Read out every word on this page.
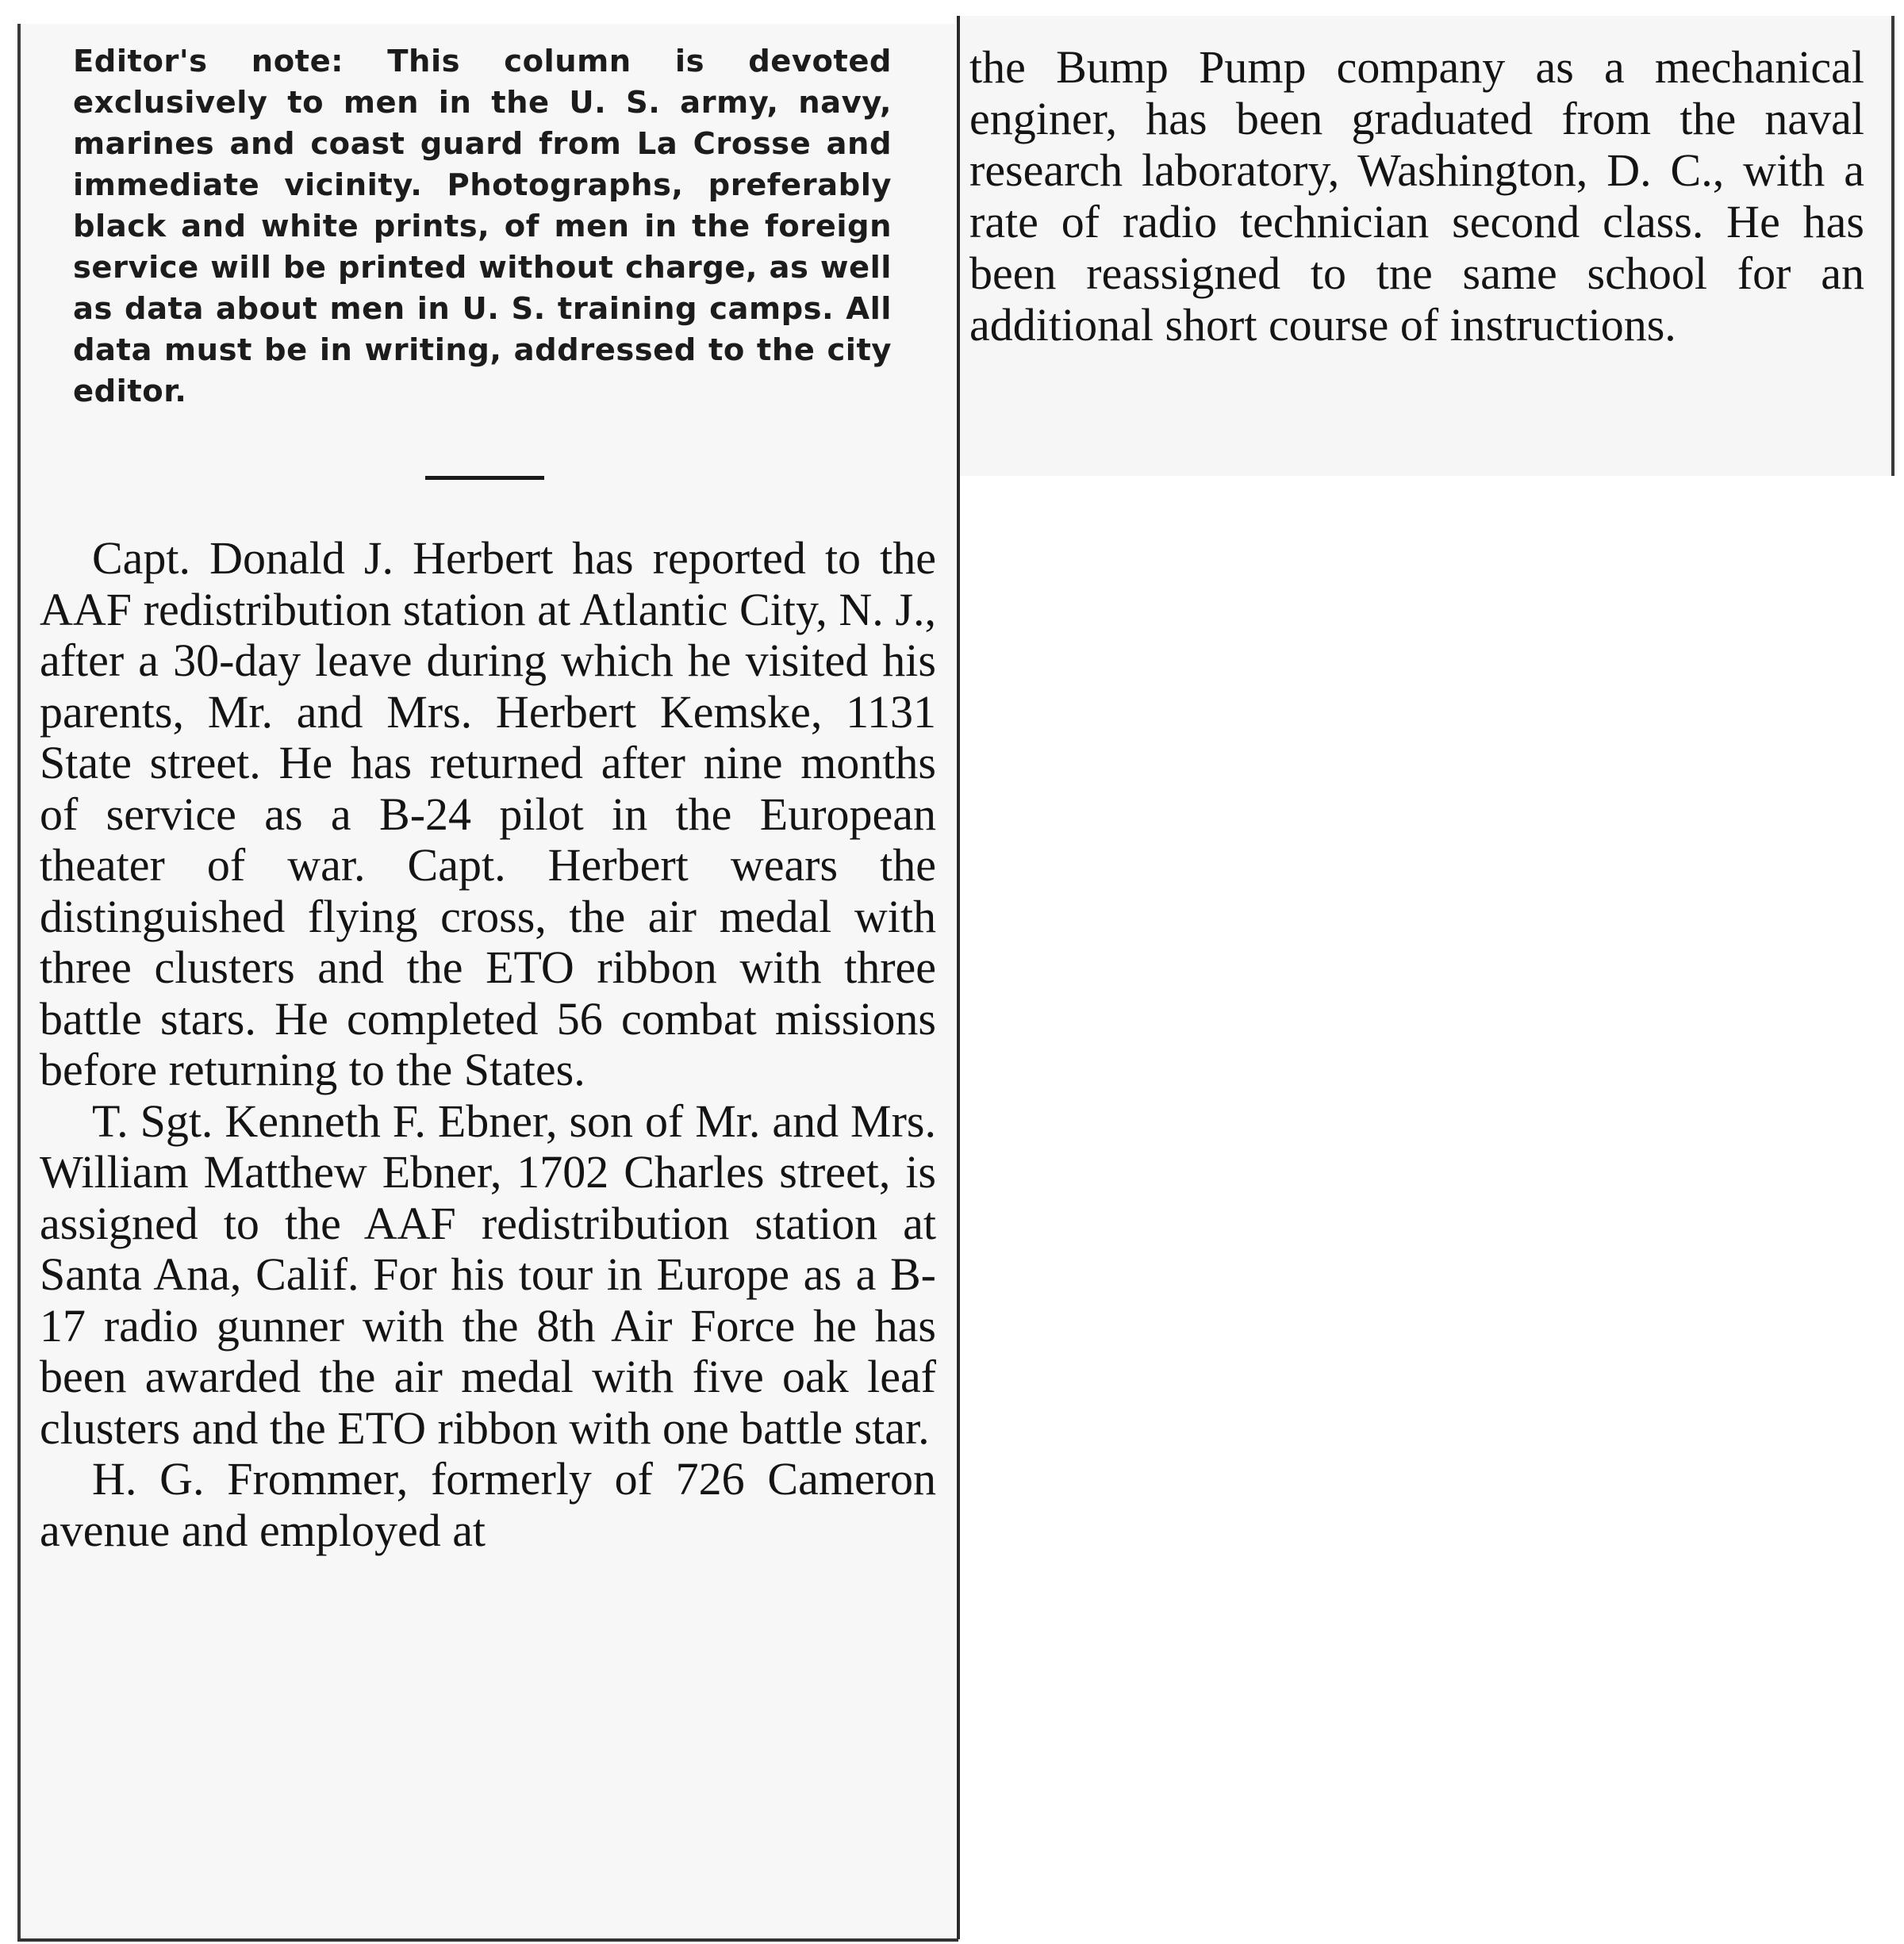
Editor's note: This column is devoted exclusively to men in the U. S. army, navy, marines and coast guard from La Crosse and immediate vicinity. Photographs, preferably black and white prints, of men in the foreign service will be printed without charge, as well as data about men in U. S. training camps. All data must be in writing, addressed to the city editor.

Capt. Donald J. Herbert has reported to the AAF redistribution station at Atlantic City, N. J., after a 30-day leave during which he visited his parents, Mr. and Mrs. Herbert Kemske, 1131 State street. He has returned after nine months of service as a B-24 pilot in the European theater of war. Capt. Herbert wears the distinguished flying cross, the air medal with three clusters and the ETO ribbon with three battle stars. He completed 56 combat missions before returning to the States.

T. Sgt. Kenneth F. Ebner, son of Mr. and Mrs. William Matthew Ebner, 1702 Charles street, is assigned to the AAF redistribution station at Santa Ana, Calif. For his tour in Europe as a B-17 radio gunner with the 8th Air Force he has been awarded the air medal with five oak leaf clusters and the ETO ribbon with one battle star.

H. G. Frommer, formerly of 726 Cameron avenue and employed at

the Bump Pump company as a mechanical enginer, has been graduated from the naval research laboratory, Washington, D. C., with a rate of radio technician second class. He has been reassigned to tne same school for an additional short course of instructions.
